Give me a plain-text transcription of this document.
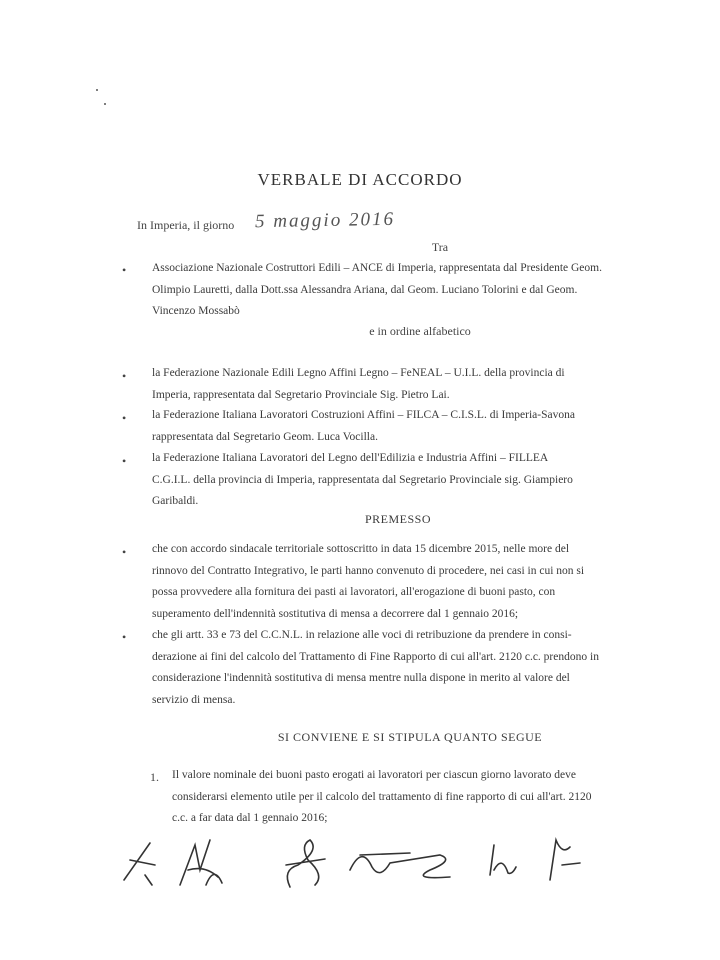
VERBALE DI ACCORDO
In Imperia, il giorno 5 maggio 2016
Tra
• Associazione Nazionale Costruttori Edili – ANCE di Imperia, rappresentata dal Presidente Geom.
Olimpio Lauretti, dalla Dott.ssa Alessandra Ariana, dal Geom. Luciano Tolorini e dal Geom.
Vincenzo Mossabò
e in ordine alfabetico
• la Federazione Nazionale Edili Legno Affini Legno – FeNEAL – U.I.L. della provincia di
Imperia, rappresentata dal Segretario Provinciale Sig. Pietro Lai.
• la Federazione Italiana Lavoratori Costruzioni Affini – FILCA – C.I.S.L. di Imperia-Savona
rappresentata dal Segretario Geom. Luca Vocilla.
• la Federazione Italiana Lavoratori del Legno dell'Edilizia e Industria Affini – FILLEA
C.G.I.L. della provincia di Imperia, rappresentata dal Segretario Provinciale sig. Giampiero
Garibaldi.
PREMESSO
• che con accordo sindacale territoriale sottoscritto in data 15 dicembre 2015, nelle more del
rinnovo del Contratto Integrativo, le parti hanno convenuto di procedere, nei casi in cui non si
possa provvedere alla fornitura dei pasti ai lavoratori, all'erogazione di buoni pasto, con
superamento dell'indennità sostitutiva di mensa a decorrere dal 1 gennaio 2016;
• che gli artt. 33 e 73 del C.C.N.L. in relazione alle voci di retribuzione da prendere in consi-
derazione ai fini del calcolo del Trattamento di Fine Rapporto di cui all'art. 2120 c.c. prendono in
considerazione l'indennità sostitutiva di mensa mentre nulla dispone in merito al valore del
servizio di mensa.
SI CONVIENE E SI STIPULA QUANTO SEGUE
1. Il valore nominale dei buoni pasto erogati ai lavoratori per ciascun giorno lavorato deve
considerarsi elemento utile per il calcolo del trattamento di fine rapporto di cui all'art. 2120
c.c. a far data dal 1 gennaio 2016;
